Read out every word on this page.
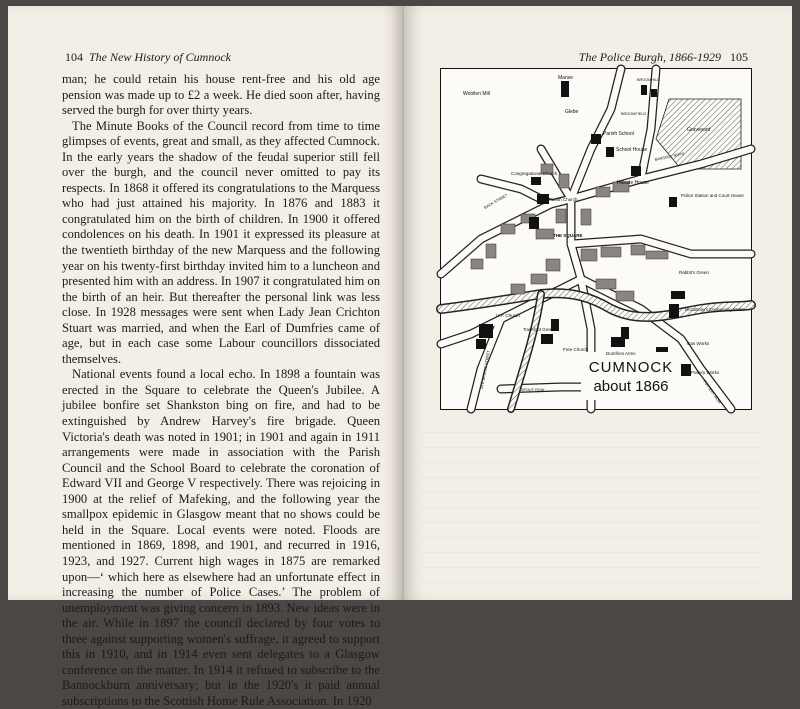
104 The New History of Cumnock

man; he could retain his house rent-free and his old age pension was made up to £2 a week. He died soon after, having served the burgh for over thirty years.

The Minute Books of the Council record from time to time glimpses of events, great and small, as they affected Cumnock. In the early years the shadow of the feudal superior still fell over the burgh, and the council never omitted to pay its respects. In 1868 it offered its congratulations to the Marquess who had just attained his majority. In 1876 and 1883 it congratulated him on the birth of children. In 1900 it offered condolences on his death. In 1901 it expressed its pleasure at the twentieth birthday of the new Marquess and the following year on his twenty-first birthday invited him to a luncheon and presented him with an address. In 1907 it congratulated him on the birth of an heir. But thereafter the personal link was less close. In 1928 messages were sent when Lady Jean Crichton Stuart was married, and when the Earl of Dumfries came of age, but in each case some Labour councillors dissociated themselves.

National events found a local echo. In 1898 a fountain was erected in the Square to celebrate the Queen's Jubilee. A jubilee bonfire set Shankston bing on fire, and had to be extinguished by Andrew Harvey's fire brigade. Queen Victoria's death was noted in 1901; in 1901 and again in 1911 arrangements were made in association with the Parish Council and the School Board to celebrate the coronation of Edward VII and George V respectively. There was rejoicing in 1900 at the relief of Mafeking, and the following year the smallpox epidemic in Glasgow meant that no shows could be held in the Square. Local events were noted. Floods are mentioned in 1869, 1898, and 1901, and recurred in 1916, 1923, and 1927. Current high wages in 1875 are remarked upon—‘ which here as elsewhere had an unfortunate effect in increasing the number of Police Cases.’ The problem of unemployment was giving concern in 1893. New ideas were in the air. While in 1897 the council declared by four votes to three against supporting women's suffrage, it agreed to support this in 1910, and in 1914 even sent delegates to a Glasgow conference on the matter. In 1914 it refused to subscribe to the Bannockburn anniversary; but in the 1920's it paid annual subscriptions to the Scottish Home Rule Association. In 1920

The Police Burgh, 1866-1929 105
CUMNOCK
about 1866
Woollen Mill
Manse	BROOMHILL
Glebe	BROOMFIELD
Graveyard
Parish School
School House
BARSHILL ROAD
Congregational Church
Hillside House
Police Station and Court House
Parish Church
THE SQUARE
Rabbit's Green
U.P. Church
Townfoot Green
Free Church
Dumfries Arms
McCartney's Engineering Works
Gas Works
Pottery Works
SPOUT ROW
AYR BRIDGE STREET
POTTERY ROW
BACK STREET
